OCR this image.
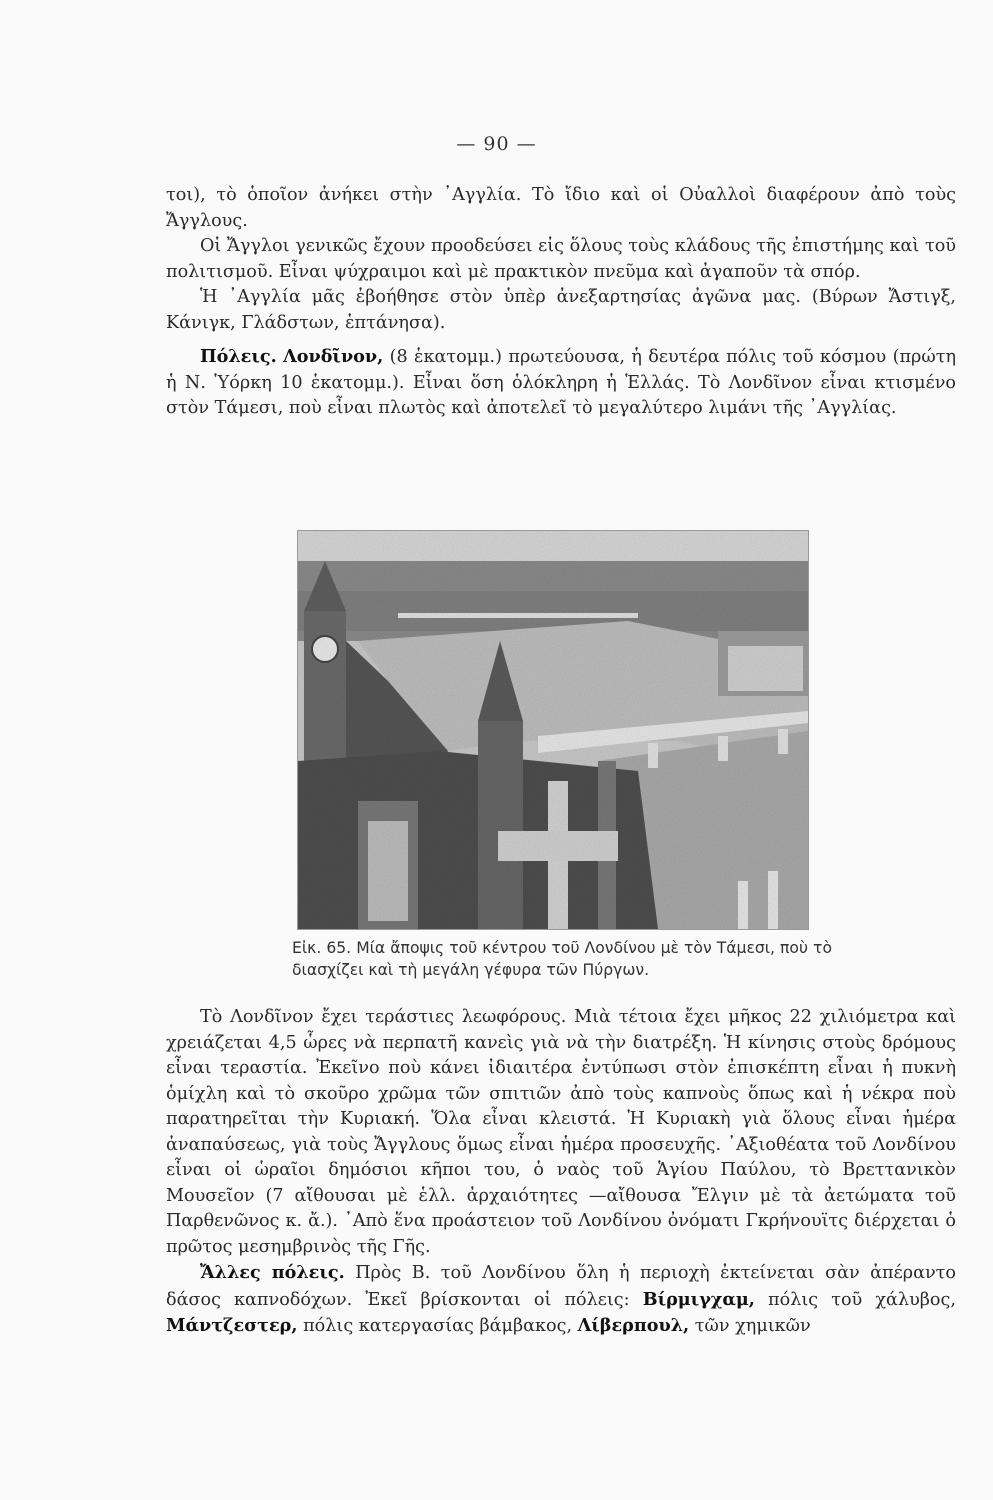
— 90 —

τοι), τὸ ὁποῖον ἀνήκει στὴν ᾿Αγγλία. Τὸ ἴδιο καὶ οἱ Οὐαλλοὶ διαφέρουν ἀπὸ τοὺς Ἄγγλους.

Οἱ Ἄγγλοι γενικῶς ἔχουν προοδεύσει εἰς ὅλους τοὺς κλάδους τῆς ἐπιστήμης καὶ τοῦ πολιτισμοῦ. Εἶναι ψύχραιμοι καὶ μὲ πρακτικὸν πνεῦμα καὶ ἀγαποῦν τὰ σπόρ.

Ἡ ᾿Αγγλία μᾶς ἐβοήθησε στὸν ὑπὲρ ἀνεξαρτησίας ἀγῶνα μας. (Βύρων Ἄστιγξ, Κάνιγκ, Γλάδστων, ἑπτάνησα).

Πόλεις. Λονδῖνον, (8 ἑκατομμ.) πρωτεύουσα, ἡ δευτέρα πόλις τοῦ κόσμου (πρώτη ἡ Ν. Ὑόρκη 10 ἑκατομμ.). Εἶναι ὅση ὁλόκληρη ἡ Ἑλλάς. Τὸ Λονδῖνον εἶναι κτισμένο στὸν Τάμεσι, ποὺ εἶναι πλωτὸς καὶ ἀποτελεῖ τὸ μεγαλύτερο λιμάνι τῆς ᾿Αγγλίας.

Εἰκ. 65. Μία ἄποψις τοῦ κέντρου τοῦ Λονδίνου μὲ τὸν Τάμεσι, ποὺ τὸ διασχίζει καὶ τὴ μεγάλη γέφυρα τῶν Πύργων.

Τὸ Λονδῖνον ἔχει τεράστιες λεωφόρους. Μιὰ τέτοια ἔχει μῆκος 22 χιλιόμετρα καὶ χρειάζεται 4,5 ὧρες νὰ περπατῆ κανεὶς γιὰ νὰ τὴν διατρέξη. Ἡ κίνησις στοὺς δρόμους εἶναι τεραστία. Ἐκεῖνο ποὺ κάνει ἰδιαιτέρα ἐντύπωσι στὸν ἐπισκέπτη εἶναι ἡ πυκνὴ ὁμίχλη καὶ τὸ σκοῦρο χρῶμα τῶν σπιτιῶν ἀπὸ τοὺς καπνοὺς ὅπως καὶ ἡ νέκρα ποὺ παρατηρεῖται τὴν Κυριακή. Ὅλα εἶναι κλειστά. Ἡ Κυριακὴ γιὰ ὅλους εἶναι ἡμέρα ἀναπαύσεως, γιὰ τοὺς Ἄγγλους ὅμως εἶναι ἡμέρα προσευχῆς. ᾿Αξιοθέατα τοῦ Λονδίνου εἶναι οἱ ὡραῖοι δημόσιοι κῆποι του, ὁ ναὸς τοῦ Ἁγίου Παύλου, τὸ Βρεττανικὸν Μουσεῖον (7 αἴθουσαι μὲ ἑλλ. ἀρχαιότητες —αἴθουσα Ἔλγιν μὲ τὰ ἀετώματα τοῦ Παρθενῶνος κ. ἄ.). ᾿Απὸ ἕνα προάστειον τοῦ Λονδίνου ὀνόματι Γκρήνουϊτς διέρχεται ὁ πρῶτος μεσημβρινὸς τῆς Γῆς.

Ἄλλες πόλεις. Πρὸς Β. τοῦ Λονδίνου ὅλη ἡ περιοχὴ ἐκτείνεται σὰν ἀπέραντο δάσος καπνοδόχων. Ἐκεῖ βρίσκονται οἱ πόλεις: Βίρμιγχαμ, πόλις τοῦ χάλυβος, Μάντζεστερ, πόλις κατεργασίας βάμβακος, Λίβερπουλ, τῶν χημικῶν
